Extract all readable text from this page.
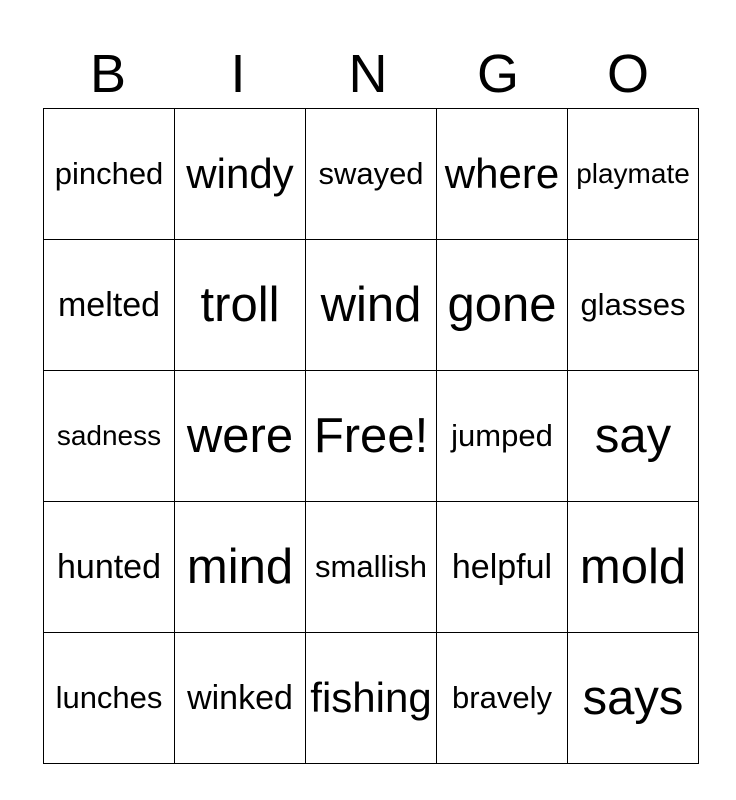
B	I	N	G	O
pinched	windy	swayed	where	playmate
melted	troll	wind	gone	glasses
sadness	were	Free!	jumped	say
hunted	mind	smallish	helpful	mold
lunches	winked	fishing	bravely	says
